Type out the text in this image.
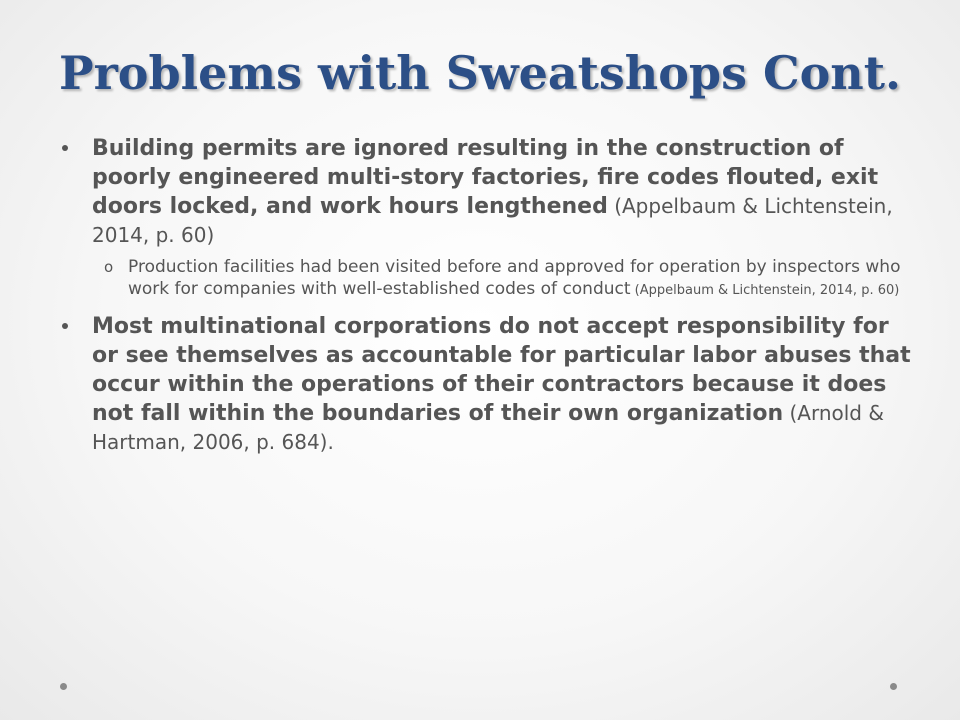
Problems with Sweatshops Cont.

Building permits are ignored resulting in the construction of poorly engineered multi-story factories, fire codes flouted, exit doors locked, and work hours lengthened (Appelbaum & Lichtenstein, 2014, p. 60)

o Production facilities had been visited before and approved for operation by inspectors who work for companies with well-established codes of conduct (Appelbaum & Lichtenstein, 2014, p. 60)

Most multinational corporations do not accept responsibility for or see themselves as accountable for particular labor abuses that occur within the operations of their contractors because it does not fall within the boundaries of their own organization (Arnold & Hartman, 2006, p. 684).
